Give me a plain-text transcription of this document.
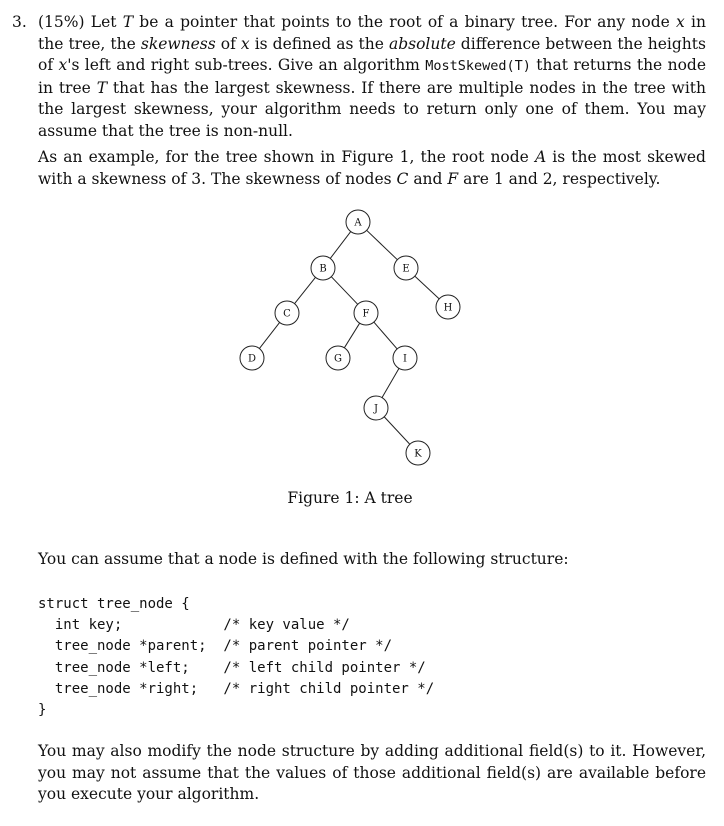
3. (15%) Let T be a pointer that points to the root of a binary tree. For any node x in the tree, the skewness of x is defined as the absolute difference between the heights of x's left and right sub-trees. Give an algorithm MostSkewed(T) that returns the node in tree T that has the largest skewness. If there are multiple nodes in the tree with the largest skewness, your algorithm needs to return only one of them. You may assume that the tree is non-null.

As an example, for the tree shown in Figure 1, the root node A is the most skewed with a skewness of 3. The skewness of nodes C and F are 1 and 2, respectively.

A
B
C
D
E
F
G
H
I
J
K
Figure 1: A tree

You can assume that a node is defined with the following structure:

struct tree_node {
int key;            /* key value */
tree_node *parent;  /* parent pointer */
tree_node *left;    /* left child pointer */
tree_node *right;   /* right child pointer */
}

You may also modify the node structure by adding additional field(s) to it. However, you may not assume that the values of those additional field(s) are available before you execute your algorithm.
